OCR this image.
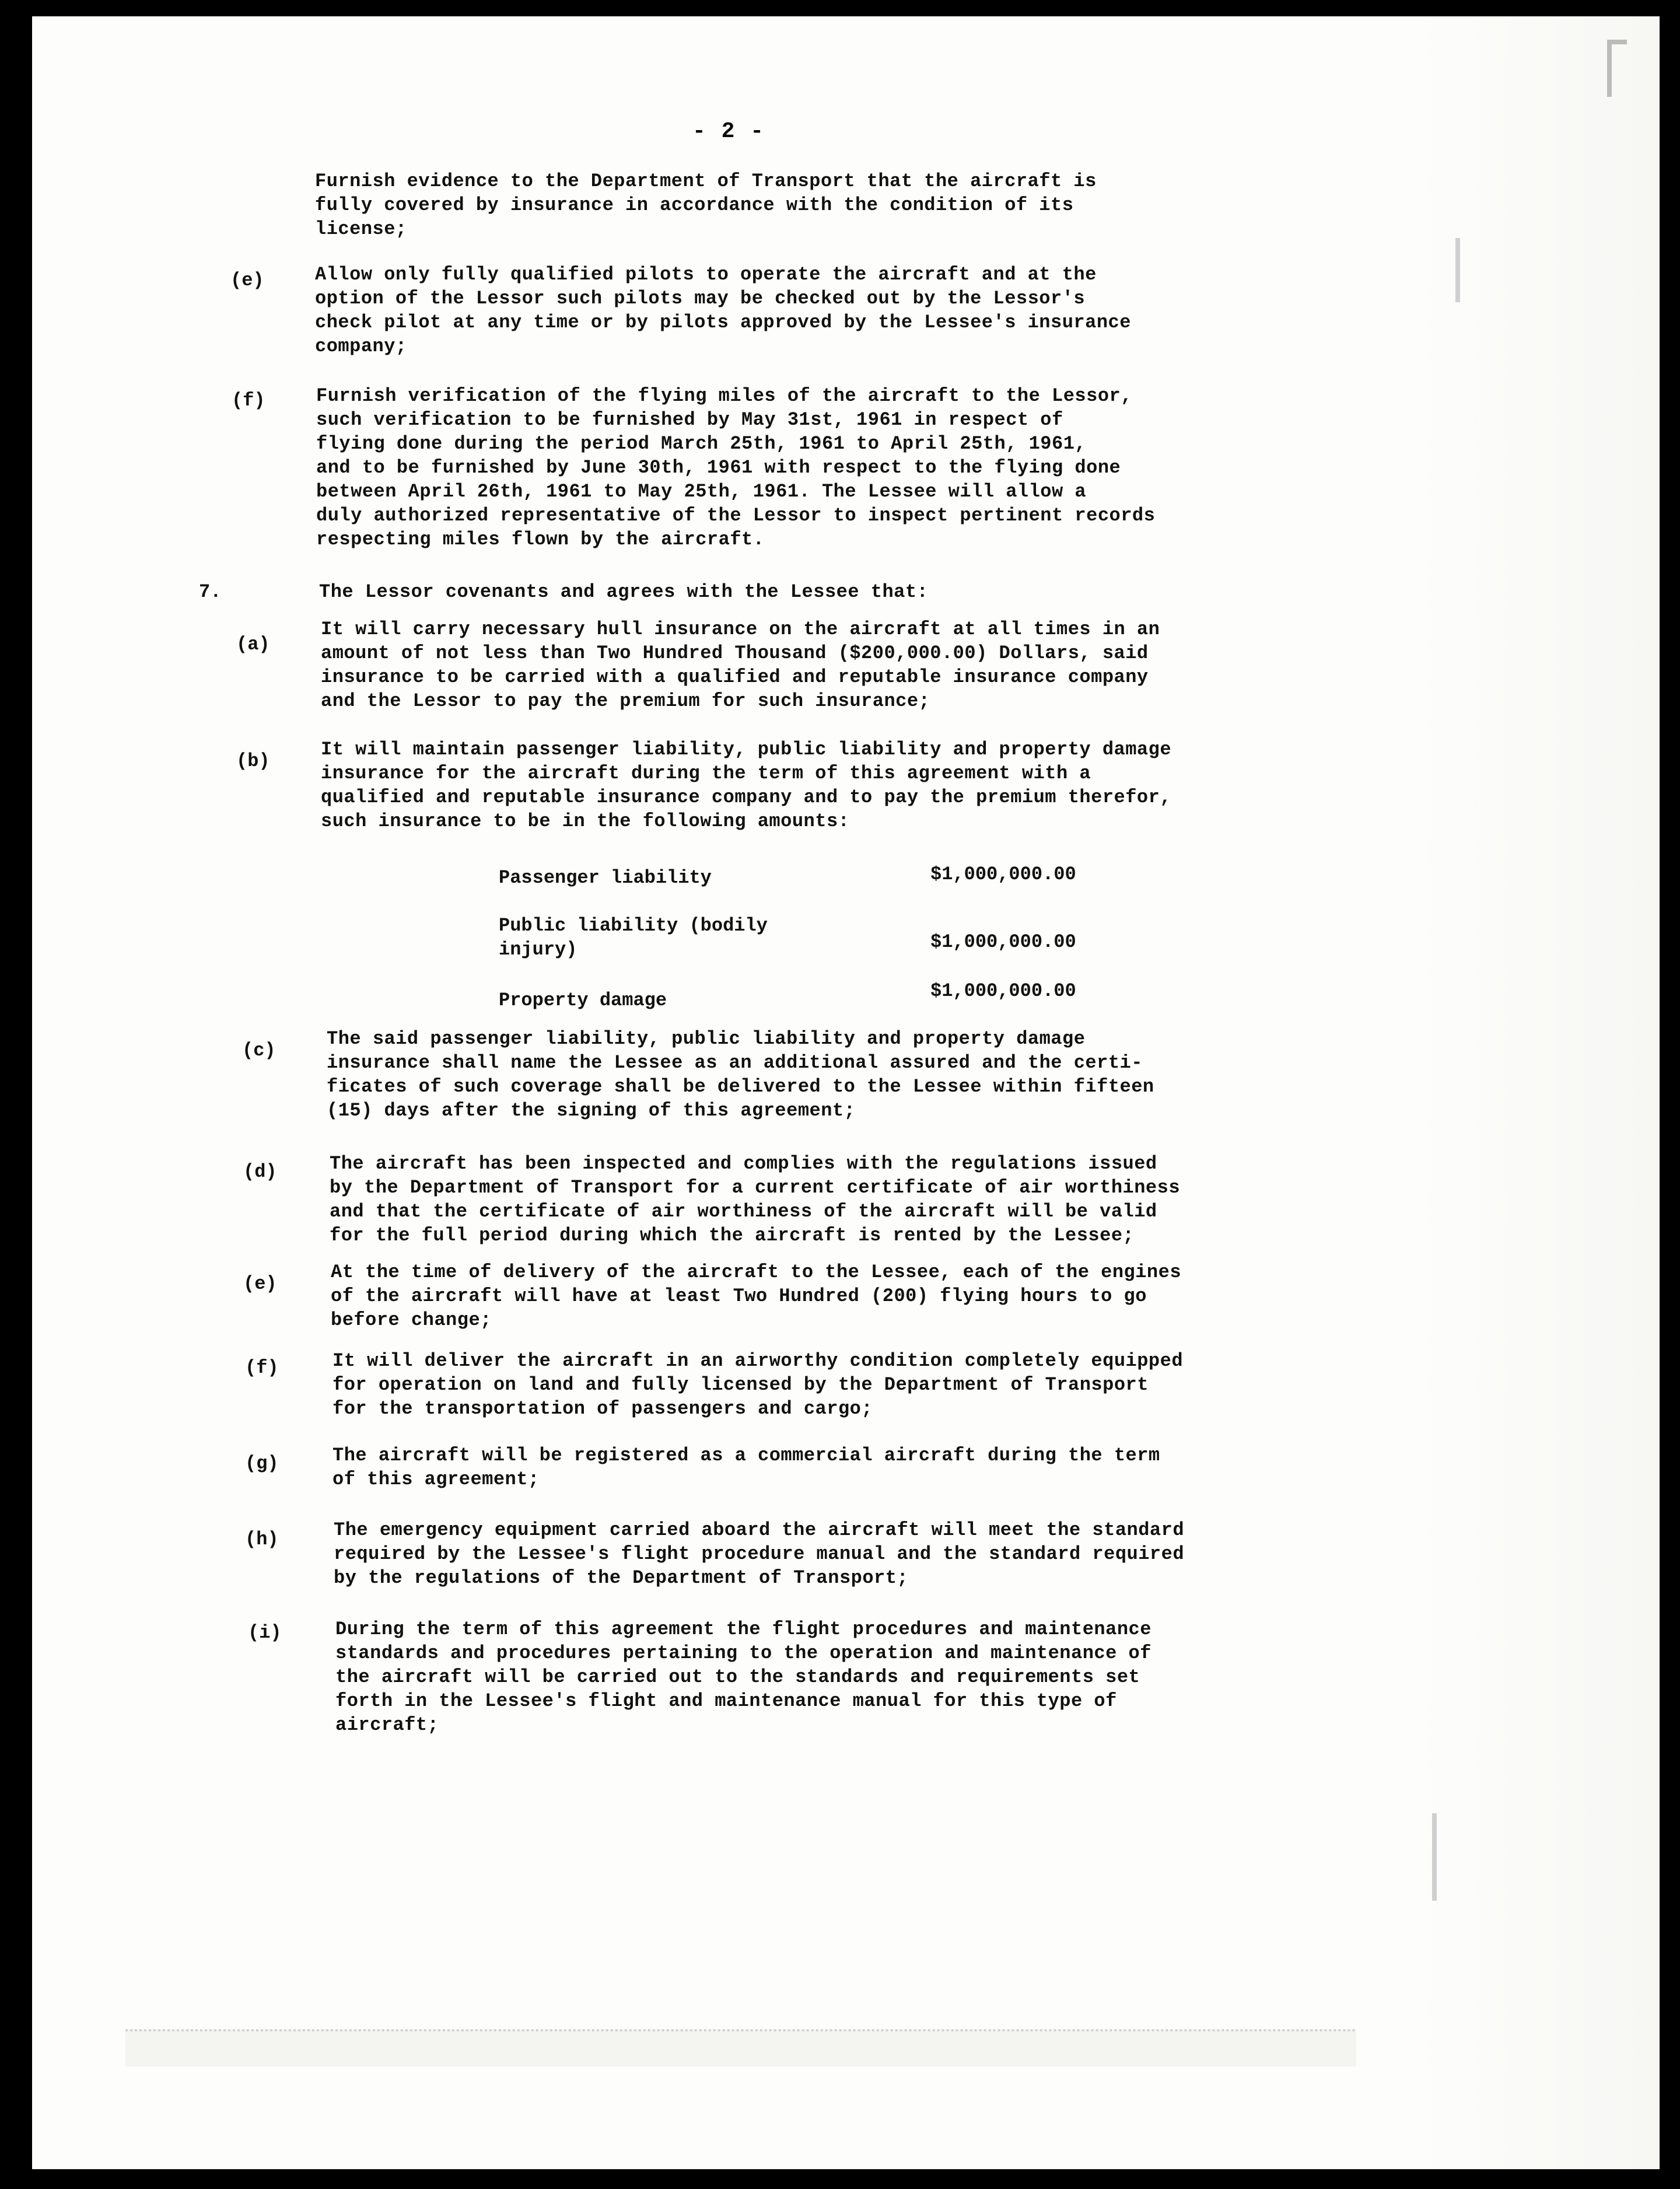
- 2 -

Furnish evidence to the Department of Transport that the aircraft is
fully covered by insurance in accordance with the condition of its
license;

(e)	Allow only fully qualified pilots to operate the aircraft and at the
option of the Lessor such pilots may be checked out by the Lessor's
check pilot at any time or by pilots approved by the Lessee's insurance
company;

(f)	Furnish verification of the flying miles of the aircraft to the Lessor,
such verification to be furnished by May 31st, 1961 in respect of
flying done during the period March 25th, 1961 to April 25th, 1961,
and to be furnished by June 30th, 1961 with respect to the flying done
between April 26th, 1961 to May 25th, 1961. The Lessee will allow a
duly authorized representative of the Lessor to inspect pertinent records
respecting miles flown by the aircraft.

7.	The Lessor covenants and agrees with the Lessee that:

(a)

It will carry necessary hull insurance on the aircraft at all times in an
amount of not less than Two Hundred Thousand ($200,000.00) Dollars, said
insurance to be carried with a qualified and reputable insurance company
and the Lessor to pay the premium for such insurance;

(b)

It will maintain passenger liability, public liability and property damage
insurance for the aircraft during the term of this agreement with a
qualified and reputable insurance company and to pay the premium therefor,
such insurance to be in the following amounts:

Passenger liability	$1,000,000.00
Public liability (bodily
injury)	$1,000,000.00
Property damage	$1,000,000.00
(c)

The said passenger liability, public liability and property damage
insurance shall name the Lessee as an additional assured and the certi-
ficates of such coverage shall be delivered to the Lessee within fifteen
(15) days after the signing of this agreement;

(d)	The aircraft has been inspected and complies with the regulations issued
by the Department of Transport for a current certificate of air worthiness
and that the certificate of air worthiness of the aircraft will be valid
for the full period during which the aircraft is rented by the Lessee;

(e)

At the time of delivery of the aircraft to the Lessee, each of the engines
of the aircraft will have at least Two Hundred (200) flying hours to go
before change;

(f)	It will deliver the aircraft in an airworthy condition completely equipped
for operation on land and fully licensed by the Department of Transport
for the transportation of passengers and cargo;

(g)	The aircraft will be registered as a commercial aircraft during the term
of this agreement;

(h)	The emergency equipment carried aboard the aircraft will meet the standard
required by the Lessee's flight procedure manual and the standard required
by the regulations of the Department of Transport;

(i)	During the term of this agreement the flight procedures and maintenance
standards and procedures pertaining to the operation and maintenance of
the aircraft will be carried out to the standards and requirements set
forth in the Lessee's flight and maintenance manual for this type of
aircraft;
